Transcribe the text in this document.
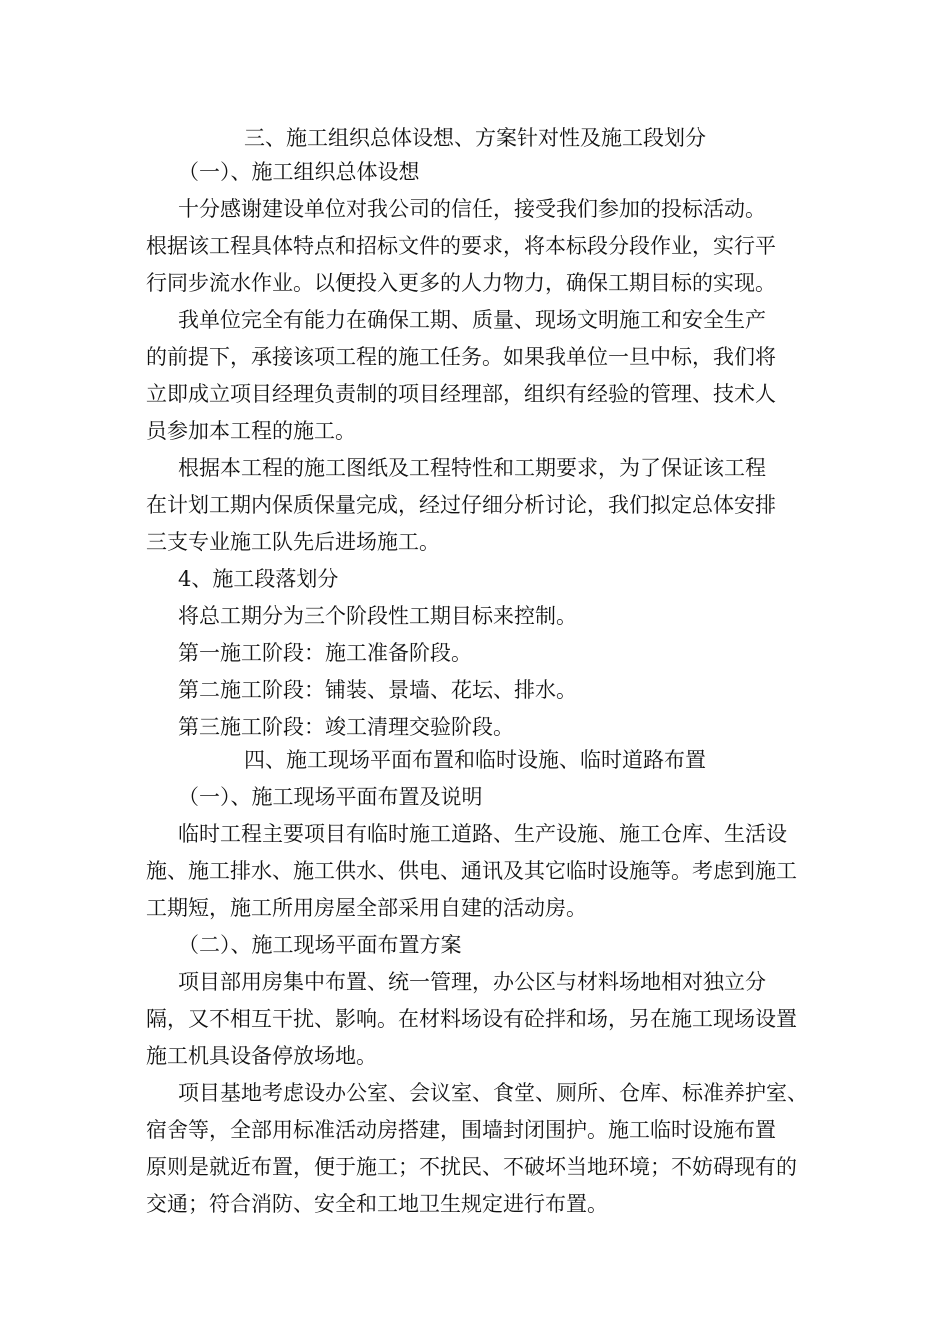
三、施工组织总体设想、方案针对性及施工段划分
（一）、施工组织总体设想
十分感谢建设单位对我公司的信任，接受我们参加的投标活动。
根据该工程具体特点和招标文件的要求，将本标段分段作业，实行平
行同步流水作业。以便投入更多的人力物力，确保工期目标的实现。
我单位完全有能力在确保工期、质量、现场文明施工和安全生产
的前提下，承接该项工程的施工任务。如果我单位一旦中标，我们将
立即成立项目经理负责制的项目经理部，组织有经验的管理、技术人
员参加本工程的施工。
根据本工程的施工图纸及工程特性和工期要求，为了保证该工程
在计划工期内保质保量完成，经过仔细分析讨论，我们拟定总体安排
三支专业施工队先后进场施工。
4、施工段落划分
将总工期分为三个阶段性工期目标来控制。
第一施工阶段：施工准备阶段。
第二施工阶段：铺装、景墙、花坛、排水。
第三施工阶段：竣工清理交验阶段。
四、施工现场平面布置和临时设施、临时道路布置
（一）、施工现场平面布置及说明
临时工程主要项目有临时施工道路、生产设施、施工仓库、生活设
施、施工排水、施工供水、供电、通讯及其它临时设施等。考虑到施工
工期短，施工所用房屋全部采用自建的活动房。
（二）、施工现场平面布置方案
项目部用房集中布置、统一管理，办公区与材料场地相对独立分
隔，又不相互干扰、影响。在材料场设有砼拌和场，另在施工现场设置
施工机具设备停放场地。
项目基地考虑设办公室、会议室、食堂、厕所、仓库、标准养护室、
宿舍等，全部用标准活动房搭建，围墙封闭围护。施工临时设施布置
原则是就近布置，便于施工；不扰民、不破坏当地环境；不妨碍现有的
交通；符合消防、安全和工地卫生规定进行布置。
